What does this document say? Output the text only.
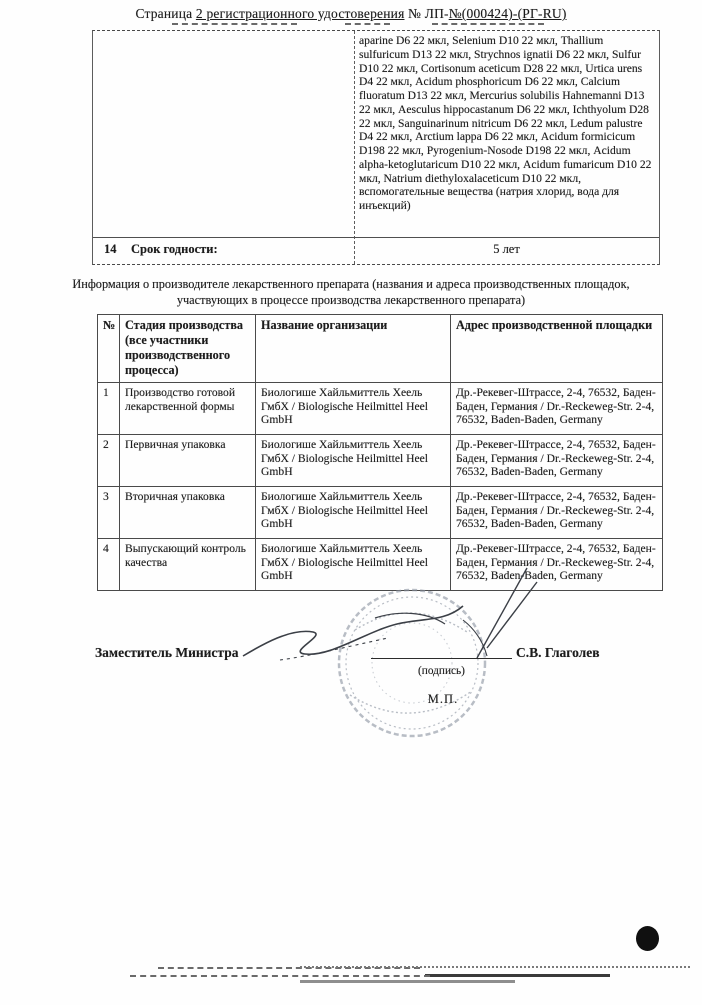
Страница 2 регистрационного удостоверения № ЛП-№(000424)-(РГ-RU)
aparine D6 22 мкл, Selenium D10 22 мкл, Thallium sulfuricum D13 22 мкл, Strychnos ignatii D6 22 мкл, Sulfur D10 22 мкл, Cortisonum aceticum D28 22 мкл, Urtica urens D4 22 мкл, Acidum phosphoricum D6 22 мкл, Calcium fluoratum D13 22 мкл, Mercurius solubilis Hahnemanni D13 22 мкл, Aesculus hippocastanum D6 22 мкл, Ichthyolum D28 22 мкл, Sanguinarinum nitricum D6 22 мкл, Ledum palustre D4 22 мкл, Arctium lappa D6 22 мкл, Acidum formicicum D198 22 мкл, Pyrogenium-Nosode D198 22 мкл, Acidum alpha-ketoglutaricum D10 22 мкл, Acidum fumaricum D10 22 мкл, Natrium diethyloxalaceticum D10 22 мкл, вспомогательные вещества (натрия хлорид, вода для инъекций)
14 Срок годности:	5 лет
Информация о производителе лекарственного препарата (названия и адреса производственных площадок, участвующих в процессе производства лекарственного препарата)
№	Стадия производства (все участники производственного процесса)	Название организации	Адрес производственной площадки
1	Производство готовой лекарственной формы	Биологише Хайльмиттель Хеель ГмбХ / Biologische Heilmittel Heel GmbH	Др.-Рекевег-Штрассе, 2-4, 76532, Баден-Баден, Германия / Dr.-Reckeweg-Str. 2-4, 76532, Baden-Baden, Germany
2	Первичная упаковка	Биологише Хайльмиттель Хеель ГмбХ / Biologische Heilmittel Heel GmbH	Др.-Рекевег-Штрассе, 2-4, 76532, Баден-Баден, Германия / Dr.-Reckeweg-Str. 2-4, 76532, Baden-Baden, Germany
3	Вторичная упаковка	Биологише Хайльмиттель Хеель ГмбХ / Biologische Heilmittel Heel GmbH	Др.-Рекевег-Штрассе, 2-4, 76532, Баден-Баден, Германия / Dr.-Reckeweg-Str. 2-4, 76532, Baden-Baden, Germany
4	Выпускающий контроль качества	Биологише Хайльмиттель Хеель ГмбХ / Biologische Heilmittel Heel GmbH	Др.-Рекевег-Штрассе, 2-4, 76532, Баден-Баден, Германия / Dr.-Reckeweg-Str. 2-4, 76532, Baden-Baden, Germany
Заместитель Министра	С.В. Глаголев
(подпись)
М.П.
